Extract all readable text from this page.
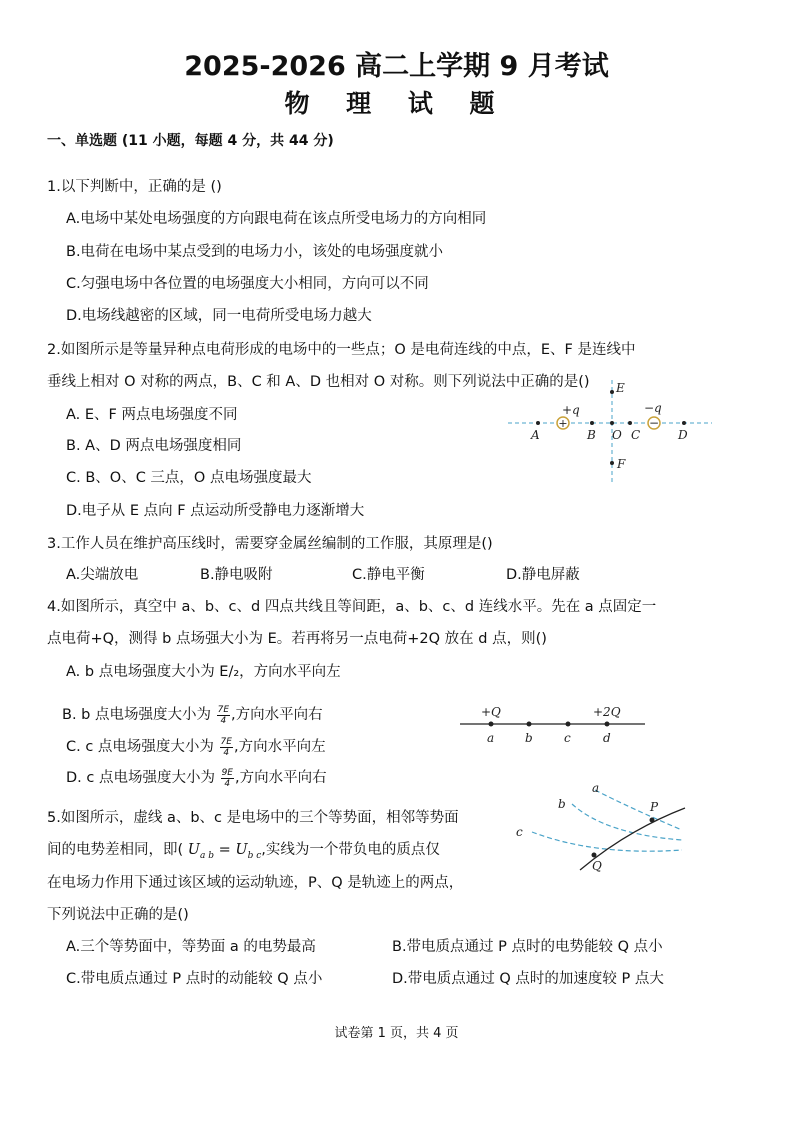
2025-2026 高二上学期 9 月考试
物 理 试 题
一、单选题 (11 小题，每题 4 分，共 44 分)
1.以下判断中，正确的是 ()
A.电场中某处电场强度的方向跟电荷在该点所受电场力的方向相同
B.电荷在电场中某点受到的电场力小，该处的电场强度就小
C.匀强电场中各位置的电场强度大小相同，方向可以不同
D.电场线越密的区域，同一电荷所受电场力越大
2.如图所示是等量异种点电荷形成的电场中的一些点；O 是电荷连线的中点，E、F 是连线中
垂线上相对 O 对称的两点，B、C 和 A、D 也相对 O 对称。则下列说法中正确的是()
A. E、F 两点电场强度不同
B. A、D 两点电场强度相同
C. B、O、C 三点，O 点电场强度最大
D.电子从 E 点向 F 点运动所受静电力逐渐增大
+	−
+q	−q
A	B O C	D
E
F
3.工作人员在维护高压线时，需要穿金属丝编制的工作服，其原理是()
A.尖端放电	B.静电吸附	C.静电平衡	D.静电屏蔽
4.如图所示，真空中 a、b、c、d 四点共线且等间距，a、b、c、d 连线水平。先在 a 点固定一
点电荷+Q，测得 b 点场强大小为 E。若再将另一点电荷+2Q 放在 d 点，则()
A. b 点电场强度大小为 E/₂，方向水平向左
B. b 点电场强度大小为 $\frac{7E}{4}$ ,方向水平向右
C. c 点电场强度大小为 $\frac{7E}{4}$ ,方向水平向左
D. c 点电场强度大小为 $\frac{9E}{4}$ ,方向水平向右
+Q	+2Q
a	b	c	d
5.如图所示，虚线 a、b、c 是电场中的三个等势面，相邻等势面
间的电势差相同，即( $U_{a b} = U_{b c}$,实线为一个带负电的质点仅
在电场力作用下通过该区域的运动轨迹，P、Q 是轨迹上的两点，
下列说法中正确的是()
A.三个等势面中，等势面 a 的电势最高	B.带电质点通过 P 点时的电势能较 Q 点小
C.带电质点通过 P 点时的动能较 Q 点小	D.带电质点通过 Q 点时的加速度较 P 点大
a
b
c
P
Q
试卷第 1 页，共 4 页
